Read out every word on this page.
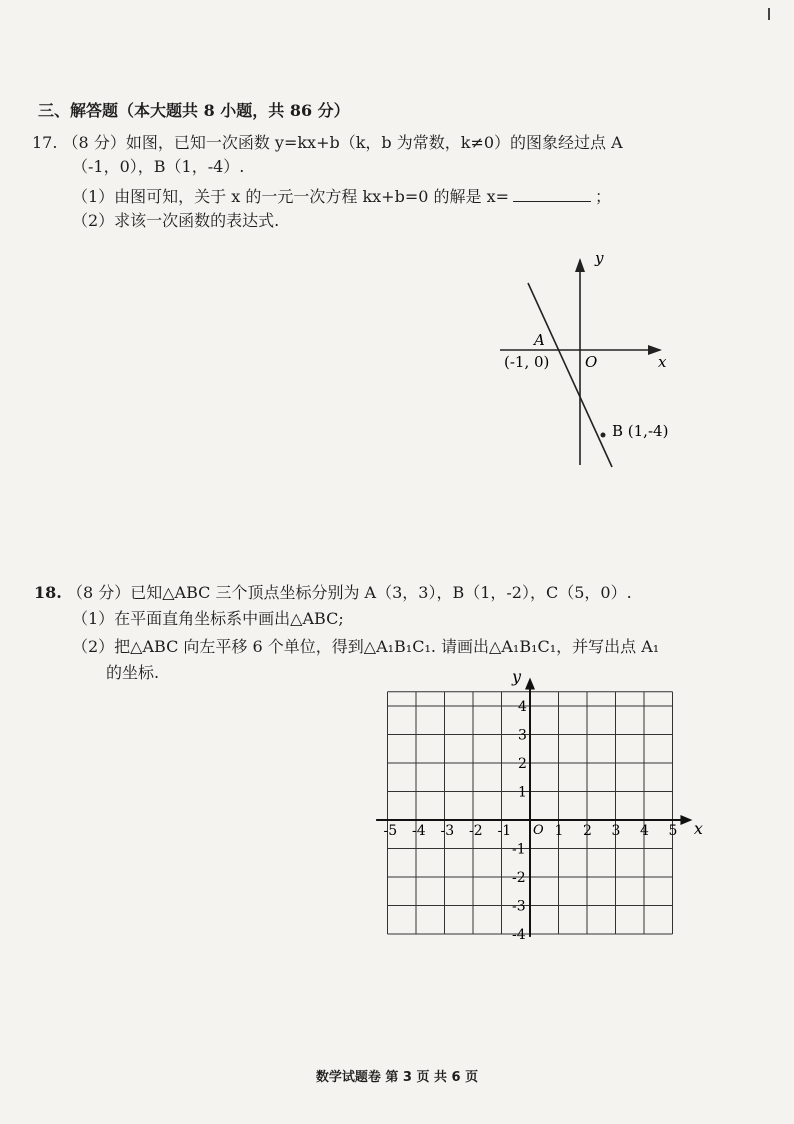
三、解答题（本大题共 8 小题，共 86 分）
17. （8 分）如图，已知一次函数 y=kx+b（k，b 为常数，k≠0）的图象经过点 A
（-1，0），B（1，-4）.
（1）由图可知，关于 x 的一元一次方程 kx+b=0 的解是 x=	；
（2）求该一次函数的表达式.
y
x
O
A
(-1, 0)
B (1,-4)
18. （8 分）已知△ABC 三个顶点坐标分别为 A（3，3），B（1，-2），C（5，0）.
（1）在平面直角坐标系中画出△ABC;
（2）把△ABC 向左平移 6 个单位，得到△A₁B₁C₁. 请画出△A₁B₁C₁，并写出点 A₁
的坐标.
-5 -4 -3 -2 -1	1 2 3 4 5
4
3
2
1
-1
-2
-3
-4
O	x
y
数学试题卷 第 3 页 共 6 页
